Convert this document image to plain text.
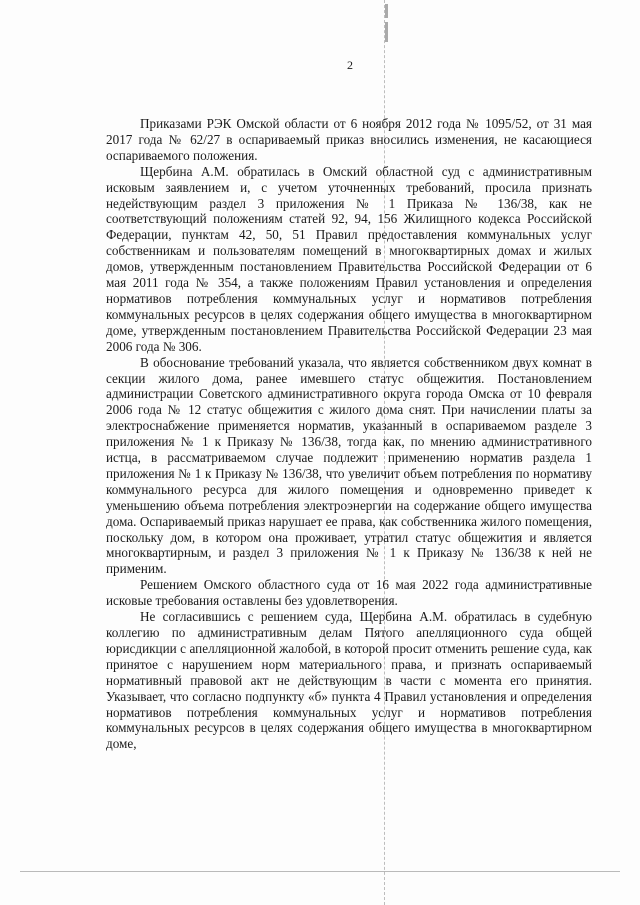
2

Приказами РЭК Омской области от 6 ноября 2012 года № 1095/52, от 31 мая 2017 года № 62/27 в оспариваемый приказ вносились изменения, не касающиеся оспариваемого положения.

Щербина А.М. обратилась в Омский областной суд с административным исковым заявлением и, с учетом уточненных требований, просила признать недействующим раздел 3 приложения № 1 Приказа № 136/38, как не соответствующий положениям статей 92, 94, 156 Жилищного кодекса Российской Федерации, пунктам 42, 50, 51 Правил предоставления коммунальных услуг собственникам и пользователям помещений в многоквартирных домах и жилых домов, утвержденным постановлением Правительства Российской Федерации от 6 мая 2011 года № 354, а также положениям Правил установления и определения нормативов потребления коммунальных услуг и нормативов потребления коммунальных ресурсов в целях содержания общего имущества в многоквартирном доме, утвержденным постановлением Правительства Российской Федерации 23 мая 2006 года № 306.

В обоснование требований указала, что является собственником двух комнат в секции жилого дома, ранее имевшего статус общежития. Постановлением администрации Советского административного округа города Омска от 10 февраля 2006 года № 12 статус общежития с жилого дома снят. При начислении платы за электроснабжение применяется норматив, указанный в оспариваемом разделе 3 приложения № 1 к Приказу № 136/38, тогда как, по мнению административного истца, в рассматриваемом случае подлежит применению норматив раздела 1 приложения № 1 к Приказу № 136/38, что увеличит объем потребления по нормативу коммунального ресурса для жилого помещения и одновременно приведет к уменьшению объема потребления электроэнергии на содержание общего имущества дома. Оспариваемый приказ нарушает ее права, как собственника жилого помещения, поскольку дом, в котором она проживает, утратил статус общежития и является многоквартирным, и раздел 3 приложения № 1 к Приказу № 136/38 к ней не применим.

Решением Омского областного суда от 16 мая 2022 года административные исковые требования оставлены без удовлетворения.

Не согласившись с решением суда, Щербина А.М. обратилась в судебную коллегию по административным делам Пятого апелляционного суда общей юрисдикции с апелляционной жалобой, в которой просит отменить решение суда, как принятое с нарушением норм материального права, и признать оспариваемый нормативный правовой акт не действующим в части с момента его принятия. Указывает, что согласно подпункту «б» пункта 4 Правил установления и определения нормативов потребления коммунальных услуг и нормативов потребления коммунальных ресурсов в целях содержания общего имущества в многоквартирном доме,
